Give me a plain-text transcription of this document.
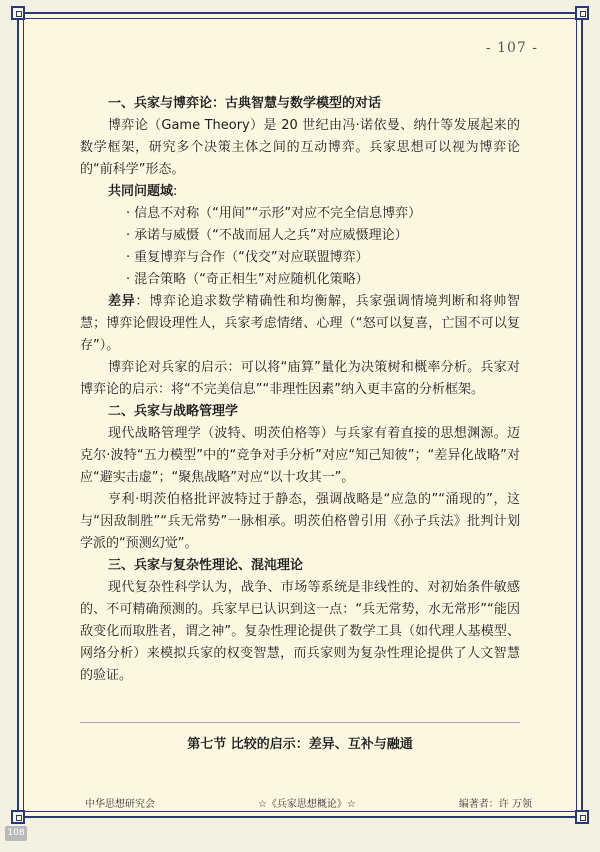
- 107 -

一、兵家与博弈论：古典智慧与数学模型的对话

博弈论（Game Theory）是 20 世纪由冯·诺依曼、纳什等发展起来的数学框架，研究多个决策主体之间的互动博弈。兵家思想可以视为博弈论的“前科学”形态。

共同问题域:

· 信息不对称（“用间”“示形”对应不完全信息博弈）
· 承诺与威慑（“不战而屈人之兵”对应威慑理论）
· 重复博弈与合作（“伐交”对应联盟博弈）
· 混合策略（“奇正相生”对应随机化策略）

差异：博弈论追求数学精确性和均衡解，兵家强调情境判断和将帅智慧；博弈论假设理性人，兵家考虑情绪、心理（“怒可以复喜，亡国不可以复存”）。

博弈论对兵家的启示：可以将“庙算”量化为决策树和概率分析。兵家对博弈论的启示：将“不完美信息”“非理性因素”纳入更丰富的分析框架。

二、兵家与战略管理学

现代战略管理学（波特、明茨伯格等）与兵家有着直接的思想渊源。迈克尔·波特“五力模型”中的“竞争对手分析”对应“知己知彼”；“差异化战略”对应“避实击虚”；“聚焦战略”对应“以十攻其一”。

亨利·明茨伯格批评波特过于静态，强调战略是“应急的”“涌现的”，这与“因敌制胜”“兵无常势”一脉相承。明茨伯格曾引用《孙子兵法》批判计划学派的“预测幻觉”。

三、兵家与复杂性理论、混沌理论

现代复杂性科学认为，战争、市场等系统是非线性的、对初始条件敏感的、不可精确预测的。兵家早已认识到这一点：“兵无常势，水无常形”“能因敌变化而取胜者，谓之神”。复杂性理论提供了数学工具（如代理人基模型、网络分析）来模拟兵家的权变智慧，而兵家则为复杂性理论提供了人文智慧的验证。

第七节 比较的启示：差异、互补与融通
中华思想研究会	☆《兵家思想概论》☆	编著者：许 万领
108
